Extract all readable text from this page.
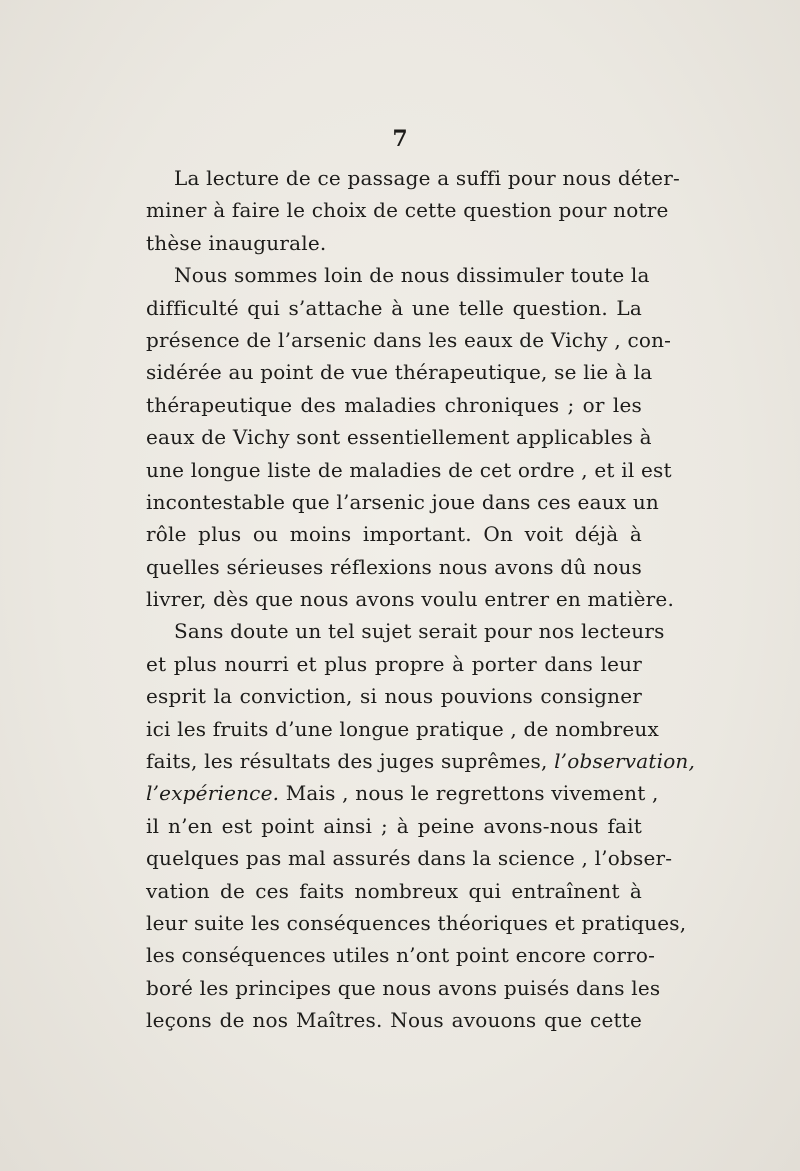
7
La lecture de ce passage a suffi pour nous déter-
miner à faire le choix de cette question pour notre
thèse inaugurale.
Nous sommes loin de nous dissimuler toute la
difficulté qui s’attache à une telle question. La
présence de l’arsenic dans les eaux de Vichy , con-
sidérée au point de vue thérapeutique, se lie à la
thérapeutique des maladies chroniques ; or les
eaux de Vichy sont essentiellement applicables à
une longue liste de maladies de cet ordre , et il est
incontestable que l’arsenic joue dans ces eaux un
rôle plus ou moins important. On voit déjà à
quelles sérieuses réflexions nous avons dû nous
livrer, dès que nous avons voulu entrer en matière.
Sans doute un tel sujet serait pour nos lecteurs
et plus nourri et plus propre à porter dans leur
esprit la conviction, si nous pouvions consigner
ici les fruits d’une longue pratique , de nombreux
faits, les résultats des juges suprêmes, l’observation,
l’expérience. Mais , nous le regrettons vivement ,
il n’en est point ainsi ; à peine avons-nous fait
quelques pas mal assurés dans la science , l’obser-
vation de ces faits nombreux qui entraînent à
leur suite les conséquences théoriques et pratiques,
les conséquences utiles n’ont point encore corro-
boré les principes que nous avons puisés dans les
leçons de nos Maîtres. Nous avouons que cette
